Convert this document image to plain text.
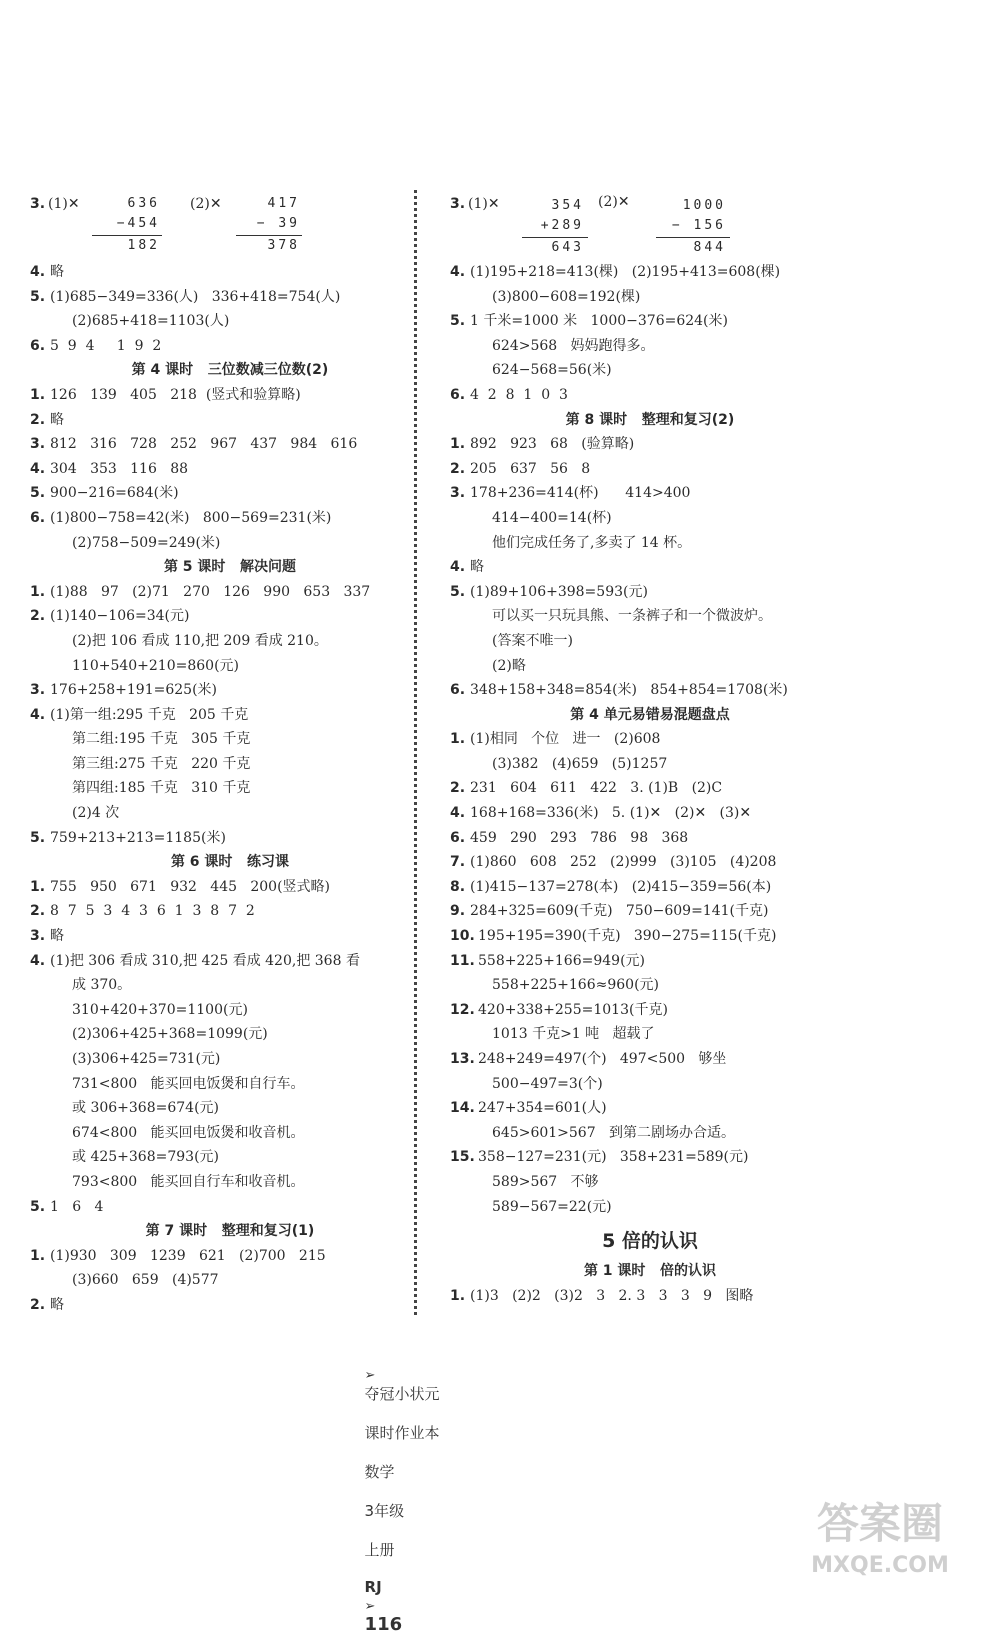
3. (1)✕	636
−454
182
(2)✕	417
− 39
378
4. 略
5. (1)685−349=336(人)   336+418=754(人)
(2)685+418=1103(人)
6. 5  9  4     1  9  2
第 4 课时   三位数减三位数(2)
1. 126   139   405   218  (竖式和验算略)
2. 略
3. 812   316   728   252   967   437   984   616
4. 304   353   116   88
5. 900−216=684(米)
6. (1)800−758=42(米)   800−569=231(米)
(2)758−509=249(米)
第 5 课时   解决问题
1. (1)88   97   (2)71   270   126   990   653   337
2. (1)140−106=34(元)
(2)把 106 看成 110,把 209 看成 210。
110+540+210=860(元)
3. 176+258+191=625(米)
4. (1)第一组:295 千克   205 千克
第二组:195 千克   305 千克
第三组:275 千克   220 千克
第四组:185 千克   310 千克
(2)4 次
5. 759+213+213=1185(米)
第 6 课时   练习课
1. 755   950   671   932   445   200(竖式略)
2. 8  7  5  3  4  3  6  1  3  8  7  2
3. 略
4. (1)把 306 看成 310,把 425 看成 420,把 368 看
成 370。
310+420+370=1100(元)
(2)306+425+368=1099(元)
(3)306+425=731(元)
731<800   能买回电饭煲和自行车。
或 306+368=674(元)
674<800   能买回电饭煲和收音机。
或 425+368=793(元)
793<800   能买回自行车和收音机。
5. 1   6   4
第 7 课时   整理和复习(1)
1. (1)930   309   1239   621   (2)700   215
(3)660   659   (4)577
2. 略
3. (1)✕	354
+289
643
(2)✕	1000
− 156
844
4. (1)195+218=413(棵)   (2)195+413=608(棵)
(3)800−608=192(棵)
5. 1 千米=1000 米   1000−376=624(米)
624>568   妈妈跑得多。
624−568=56(米)
6. 4  2  8  1  0  3
第 8 课时   整理和复习(2)
1. 892   923   68   (验算略)
2. 205   637   56   8
3. 178+236=414(杯)      414>400
414−400=14(杯)
他们完成任务了,多卖了 14 杯。
4. 略
5. (1)89+106+398=593(元)
可以买一只玩具熊、一条裤子和一个微波炉。
(答案不唯一)
(2)略
6. 348+158+348=854(米)   854+854=1708(米)
第 4 单元易错易混题盘点
1. (1)相同   个位   进一   (2)608
(3)382   (4)659   (5)1257
2. 231   604   611   422   3. (1)B   (2)C
4. 168+168=336(米)   5. (1)✕   (2)✕   (3)✕
6. 459   290   293   786   98   368
7. (1)860   608   252   (2)999   (3)105   (4)208
8. (1)415−137=278(本)   (2)415−359=56(本)
9. 284+325=609(千克)   750−609=141(千克)
10. 195+195=390(千克)   390−275=115(千克)
11. 558+225+166=949(元)
558+225+166≈960(元)
12. 420+338+255=1013(千克)
1013 千克>1 吨   超载了
13. 248+249=497(个)   497<500   够坐
500−497=3(个)
14. 247+354=601(人)
645>601>567   到第二剧场办合适。
15. 358−127=231(元)   358+231=589(元)
589>567   不够
589−567=22(元)
5 倍的认识
第 1 课时   倍的认识
1. (1)3   (2)2   (3)2   3   2. 3   3   3   9   图略

➢
夺冠小状元

课时作业本

数学

3年级

上册

RJ
➢
116

答案圈
MXQE.COM
